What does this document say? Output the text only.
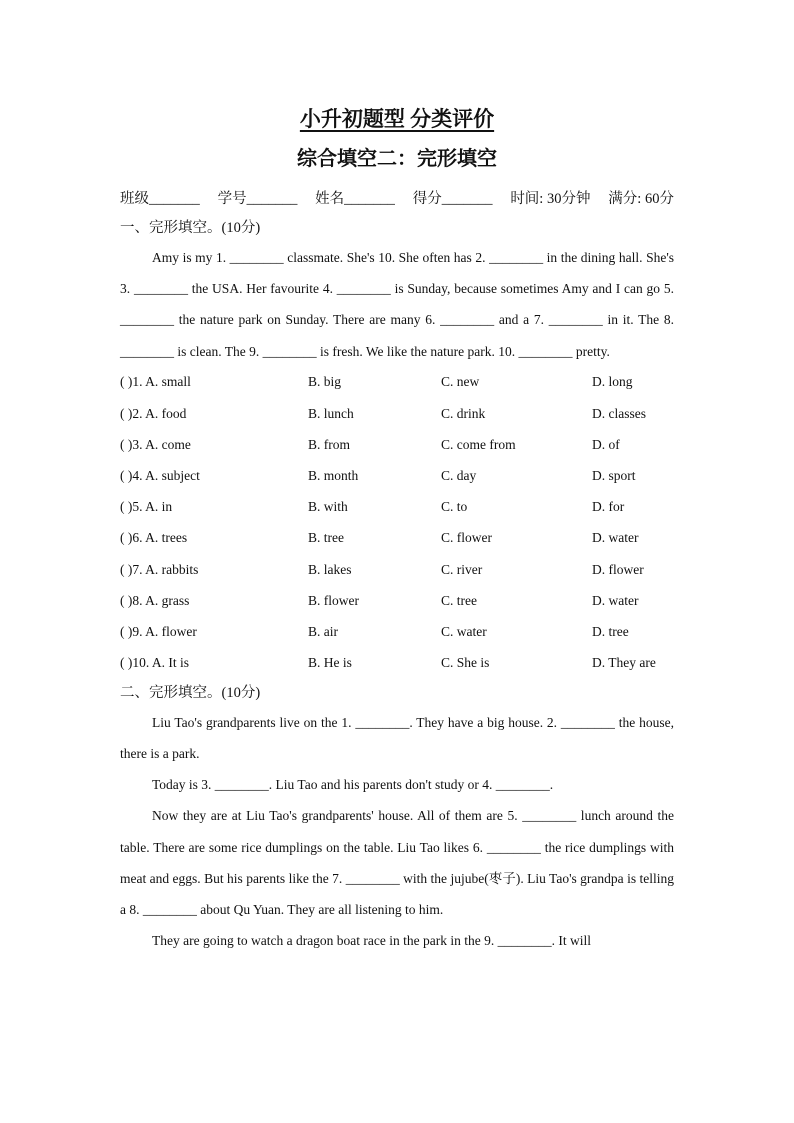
小升初题型 分类评价
综合填空二：完形填空
班级_______ 学号_______ 姓名_______ 得分_______ 时间: 30分钟 满分: 60分
一、完形填空。(10分)

Amy is my 1. ________ classmate. She's 10. She often has 2. ________ in the dining hall. She's 3. ________ the USA. Her favourite 4. ________ is Sunday, because sometimes Amy and I can go 5. ________ the nature park on Sunday. There are many 6. ________ and a 7. ________ in it. The 8. ________ is clean. The 9. ________ is fresh. We like the nature park. 10. ________ pretty.

( )1. A. small	B. big	C. new	D. long
( )2. A. food	B. lunch	C. drink	D. classes
( )3. A. come	B. from	C. come from	D. of
( )4. A. subject	B. month	C. day	D. sport
( )5. A. in	B. with	C. to	D. for
( )6. A. trees	B. tree	C. flower	D. water
( )7. A. rabbits	B. lakes	C. river	D. flower
( )8. A. grass	B. flower	C. tree	D. water
( )9. A. flower	B. air	C. water	D. tree
( )10. A. It is	B. He is	C. She is	D. They are
二、完形填空。(10分)

Liu Tao's grandparents live on the 1. ________. They have a big house. 2. ________ the house, there is a park.

Today is 3. ________. Liu Tao and his parents don't study or 4. ________.

Now they are at Liu Tao's grandparents' house. All of them are 5. ________ lunch around the table. There are some rice dumplings on the table. Liu Tao likes 6. ________ the rice dumplings with meat and eggs. But his parents like the 7. ________ with the jujube(枣子). Liu Tao's grandpa is telling a 8. ________ about Qu Yuan. They are all listening to him.

They are going to watch a dragon boat race in the park in the 9. ________. It will
